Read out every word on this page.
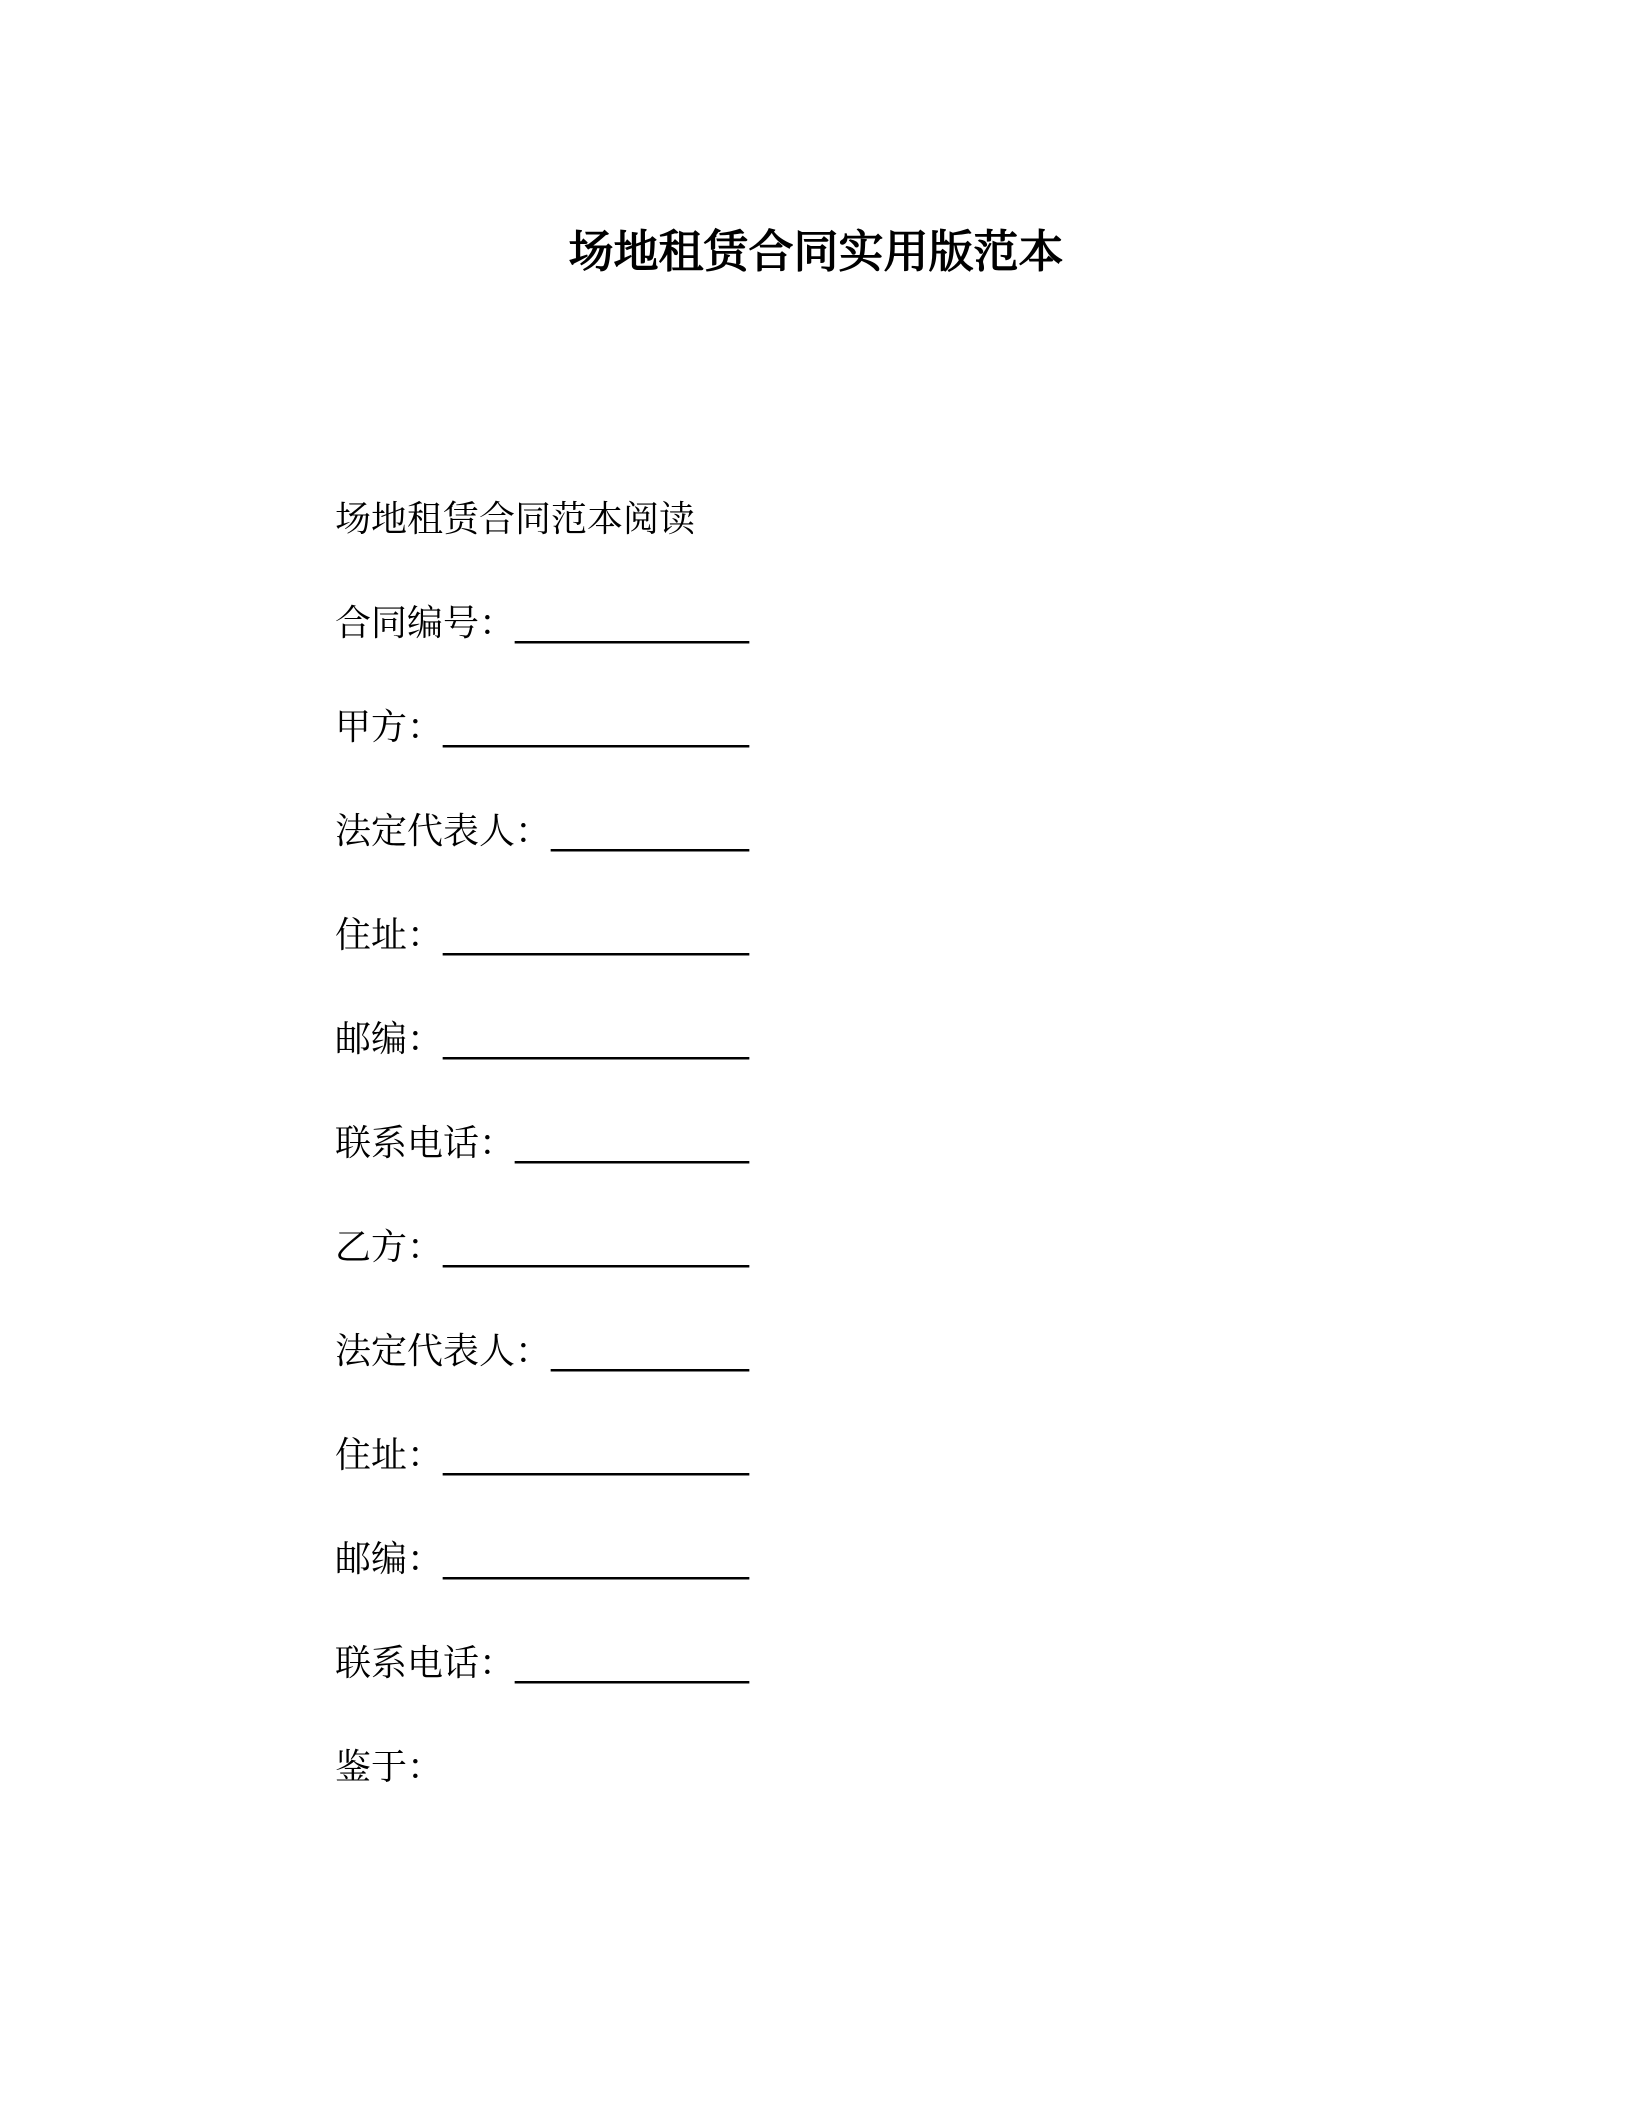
场地租赁合同实用版范本
场地租赁合同范本阅读
合同编号：_____________
甲方：_________________
法定代表人：___________
住址：_________________
邮编：_________________
联系电话：_____________
乙方：_________________
法定代表人：___________
住址：_________________
邮编：_________________
联系电话：_____________
鉴于：
